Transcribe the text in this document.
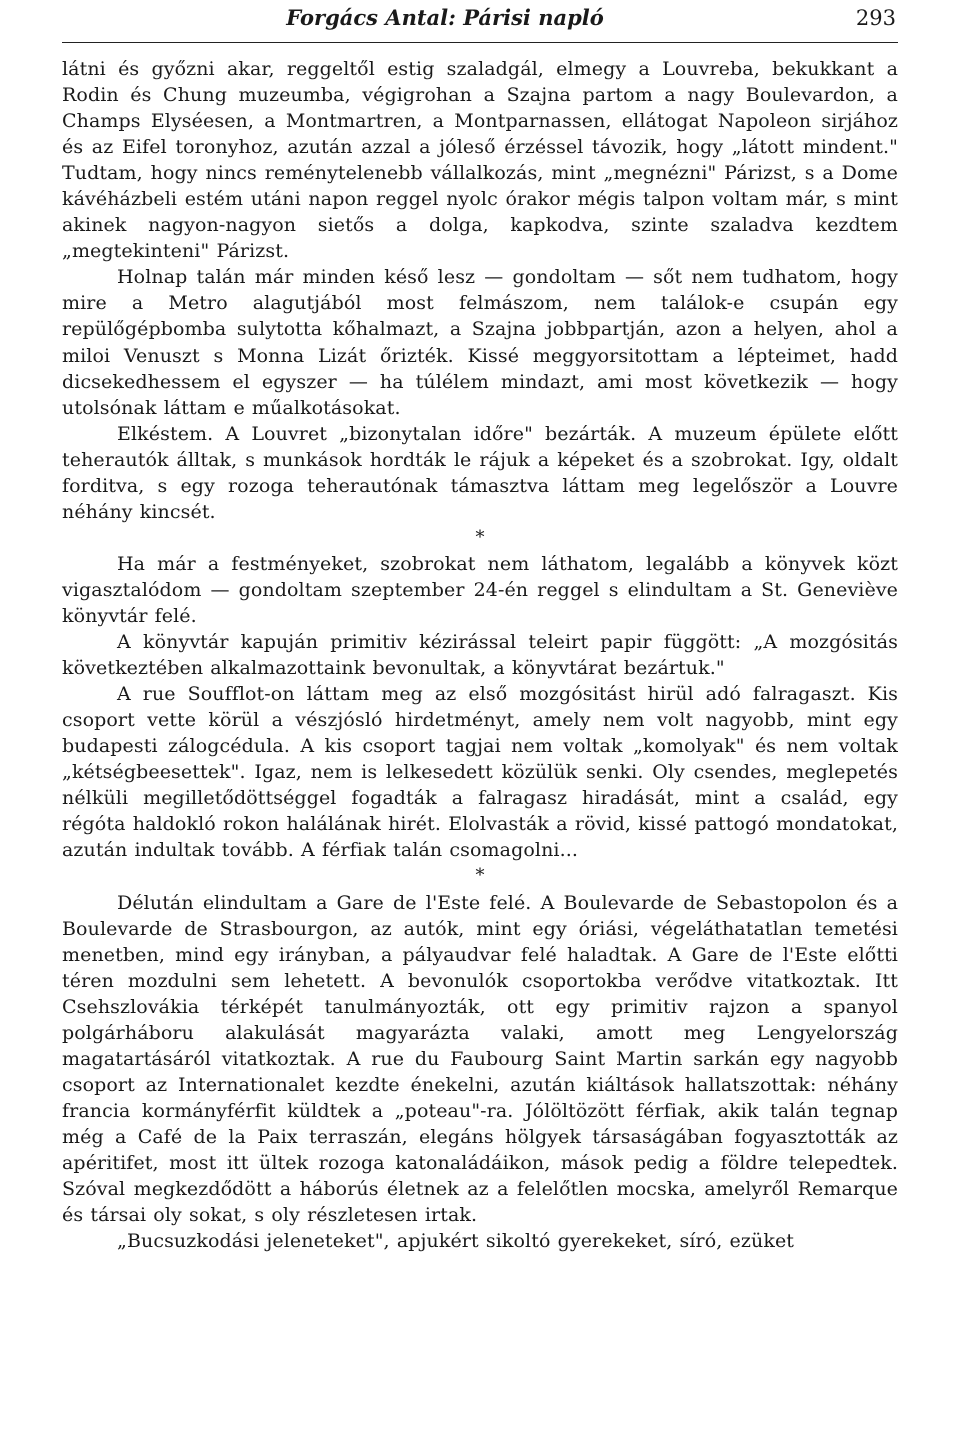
Forgács Antal: Párisi napló	293

látni és győzni akar, reggeltől estig szaladgál, elmegy a Louvreba, bekukkant a Rodin és Chung muzeumba, végigrohan a Szajna partom a nagy Boulevardon, a Champs Elyséesen, a Montmartren, a Montparnassen, ellátogat Napoleon sirjához és az Eifel toronyhoz, azután azzal a jóleső érzéssel távozik, hogy „látott mindent." Tudtam, hogy nincs reménytelenebb vállalkozás, mint „megnézni" Párizst, s a Dome kávéházbeli estém utáni napon reggel nyolc órakor mégis talpon voltam már, s mint akinek nagyon-nagyon sietős a dolga, kapkodva, szinte szaladva kezdtem „megtekinteni" Párizst.

Holnap talán már minden késő lesz — gondoltam — sőt nem tudhatom, hogy mire a Metro alagutjából most felmászom, nem találok-e csupán egy repülőgépbomba sulytotta kőhalmazt, a Szajna jobbpartján, azon a helyen, ahol a miloi Venuszt s Monna Lizát őrizték. Kissé meggyorsitottam a lépteimet, hadd dicsekedhessem el egyszer — ha túlélem mindazt, ami most következik — hogy utolsónak láttam e műalkotásokat.

Elkéstem. A Louvret „bizonytalan időre" bezárták. A muzeum épülete előtt teherautók álltak, s munkások hordták le rájuk a képeket és a szobrokat. Igy, oldalt forditva, s egy rozoga teherautónak támasztva láttam meg legelőször a Louvre néhány kincsét.

*

Ha már a festményeket, szobrokat nem láthatom, legalább a könyvek közt vigasztalódom — gondoltam szeptember 24-én reggel s elindultam a St. Geneviève könyvtár felé.

A könyvtár kapuján primitiv kézirással teleirt papir függött: „A mozgósitás következtében alkalmazottaink bevonultak, a könyvtárat bezártuk."

A rue Soufflot-on láttam meg az első mozgósitást hirül adó falragaszt. Kis csoport vette körül a vészjósló hirdetményt, amely nem volt nagyobb, mint egy budapesti zálogcédula. A kis csoport tagjai nem voltak „komolyak" és nem voltak „kétségbeesettek". Igaz, nem is lelkesedett közülük senki. Oly csendes, meglepetés nélküli megilletődöttséggel fogadták a falragasz hiradását, mint a család, egy régóta haldokló rokon halálának hirét. Elolvasták a rövid, kissé pattogó mondatokat, azután indultak tovább. A férfiak talán csomagolni...

*

Délután elindultam a Gare de l'Este felé. A Boulevarde de Sebastopolon és a Boulevarde de Strasbourgon, az autók, mint egy óriási, végeláthatatlan temetési menetben, mind egy irányban, a pályaudvar felé haladtak. A Gare de l'Este előtti téren mozdulni sem lehetett. A bevonulók csoportokba verődve vitatkoztak. Itt Csehszlovákia térképét tanulmányozták, ott egy primitiv rajzon a spanyol polgárháboru alakulását magyarázta valaki, amott meg Lengyelország magatartásáról vitatkoztak. A rue du Faubourg Saint Martin sarkán egy nagyobb csoport az Internationalet kezdte énekelni, azután kiáltások hallatszottak: néhány francia kormányférfit küldtek a „poteau"-ra. Jólöltözött férfiak, akik talán tegnap még a Café de la Paix terraszán, elegáns hölgyek társaságában fogyasztották az apéritifet, most itt ültek rozoga katonaládáikon, mások pedig a földre telepedtek. Szóval megkezdődött a háborús életnek az a felelőtlen mocska, amelyről Remarque és társai oly sokat, s oly részletesen irtak.

„Bucsuzkodási jeleneteket", apjukért sikoltó gyerekeket, síró, ezüket
